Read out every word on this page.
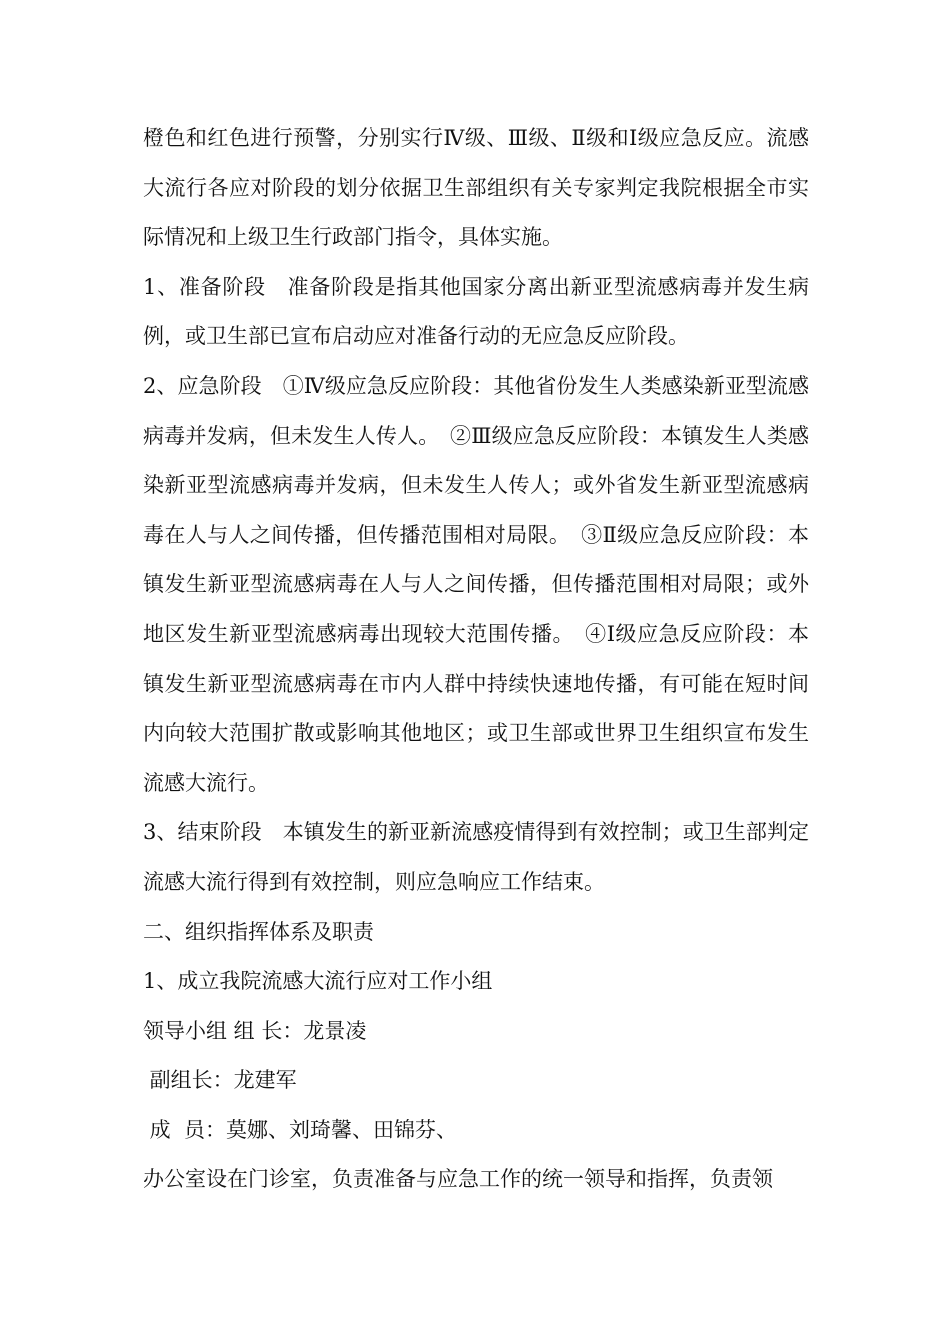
橙色和红色进行预警，分别实行Ⅳ级、Ⅲ级、Ⅱ级和Ⅰ级应急反应。流感大流行各应对阶段的划分依据卫生部组织有关专家判定我院根据全市实际情况和上级卫生行政部门指令，具体实施。

1、准备阶段　准备阶段是指其他国家分离出新亚型流感病毒并发生病例，或卫生部已宣布启动应对准备行动的无应急反应阶段。

2、应急阶段　①Ⅳ级应急反应阶段：其他省份发生人类感染新亚型流感病毒并发病，但未发生人传人。　②Ⅲ级应急反应阶段：本镇发生人类感染新亚型流感病毒并发病，但未发生人传人；或外省发生新亚型流感病毒在人与人之间传播，但传播范围相对局限。　③Ⅱ级应急反应阶段：本镇发生新亚型流感病毒在人与人之间传播，但传播范围相对局限；或外地区发生新亚型流感病毒出现较大范围传播。　④Ⅰ级应急反应阶段：本镇发生新亚型流感病毒在市内人群中持续快速地传播，有可能在短时间内向较大范围扩散或影响其他地区；或卫生部或世界卫生组织宣布发生流感大流行。

3、结束阶段　本镇发生的新亚新流感疫情得到有效控制；或卫生部判定流感大流行得到有效控制，则应急响应工作结束。

二、组织指挥体系及职责

1、成立我院流感大流行应对工作小组

领导小组 组 长：龙景凌

副组长：龙建军

成  员：莫娜、刘琦馨、田锦芬、

办公室设在门诊室，负责准备与应急工作的统一领导和指挥，负责领
